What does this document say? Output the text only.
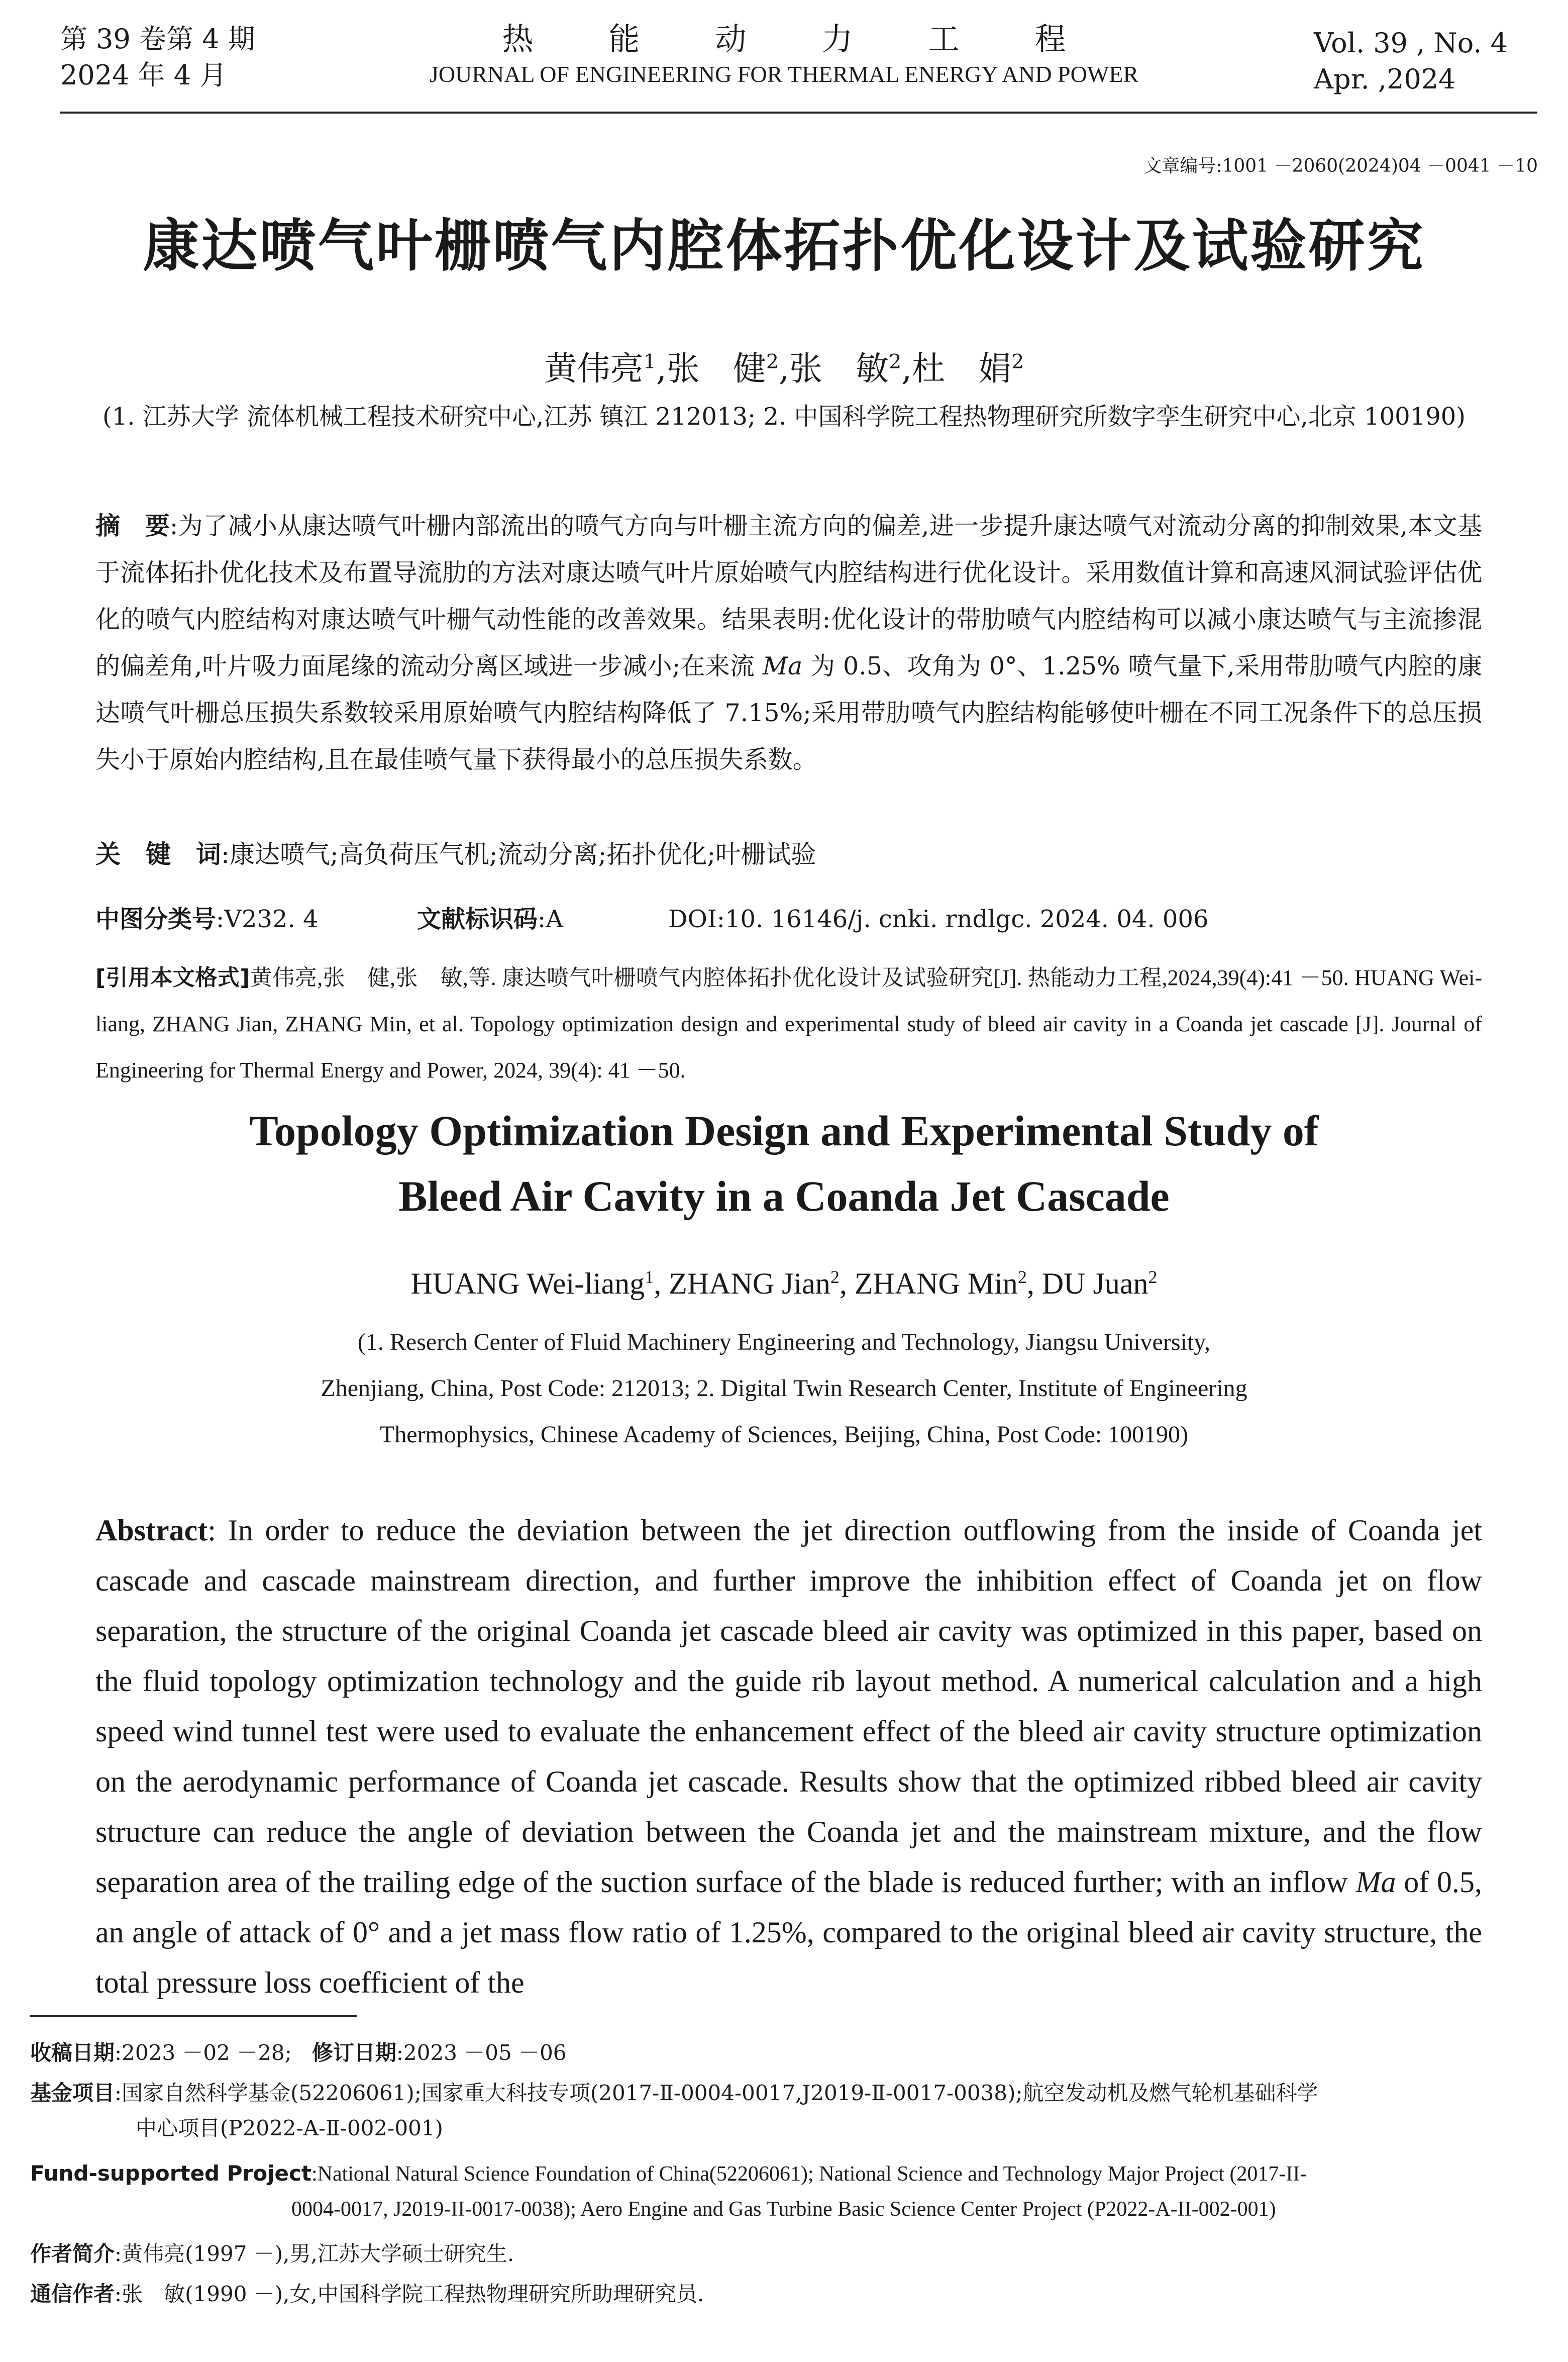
第 39 卷第 4 期
2024 年 4 月
热能动力工程
JOURNAL OF ENGINEERING FOR THERMAL ENERGY AND POWER
Vol. 39 , No. 4
Apr. ,2024
文章编号:1001 －2060(2024)04 －0041 －10
康达喷气叶栅喷气内腔体拓扑优化设计及试验研究
黄伟亮$^1$,张　健$^2$,张　敏$^2$,杜　娟$^2$
(1. 江苏大学 流体机械工程技术研究中心,江苏 镇江 212013; 2. 中国科学院工程热物理研究所数字孪生研究中心,北京 100190)
摘　要:为了减小从康达喷气叶栅内部流出的喷气方向与叶栅主流方向的偏差,进一步提升康达喷气对流动分离的抑制效果,本文基于流体拓扑优化技术及布置导流肋的方法对康达喷气叶片原始喷气内腔结构进行优化设计。采用数值计算和高速风洞试验评估优化的喷气内腔结构对康达喷气叶栅气动性能的改善效果。结果表明:优化设计的带肋喷气内腔结构可以减小康达喷气与主流掺混的偏差角,叶片吸力面尾缘的流动分离区域进一步减小;在来流 Ma 为 0.5、攻角为 0°、1.25% 喷气量下,采用带肋喷气内腔的康达喷气叶栅总压损失系数较采用原始喷气内腔结构降低了 7.15%;采用带肋喷气内腔结构能够使叶栅在不同工况条件下的总压损失小于原始内腔结构,且在最佳喷气量下获得最小的总压损失系数。
关　键　词:康达喷气;高负荷压气机;流动分离;拓扑优化;叶栅试验
中图分类号:V232. 4	文献标识码:A	DOI:10. 16146/j. cnki. rndlgc. 2024. 04. 006
[引用本文格式]黄伟亮,张　健,张　敏,等. 康达喷气叶栅喷气内腔体拓扑优化设计及试验研究[J]. 热能动力工程,2024,39(4):41 －50. HUANG Wei-liang, ZHANG Jian, ZHANG Min, et al. Topology optimization design and experimental study of bleed air cavity in a Coanda jet cascade [J]. Journal of Engineering for Thermal Energy and Power, 2024, 39(4): 41 －50.
Topology Optimization Design and Experimental Study of
Bleed Air Cavity in a Coanda Jet Cascade
HUANG Wei-liang$^1$, ZHANG Jian$^2$, ZHANG Min$^2$, DU Juan$^2$
(1. Reserch Center of Fluid Machinery Engineering and Technology, Jiangsu University,
Zhenjiang, China, Post Code: 212013; 2. Digital Twin Research Center, Institute of Engineering
Thermophysics, Chinese Academy of Sciences, Beijing, China, Post Code: 100190)
Abstract: In order to reduce the deviation between the jet direction outflowing from the inside of Coanda jet cascade and cascade mainstream direction, and further improve the inhibition effect of Coanda jet on flow separation, the structure of the original Coanda jet cascade bleed air cavity was optimized in this paper, based on the fluid topology optimization technology and the guide rib layout method. A numerical calculation and a high speed wind tunnel test were used to evaluate the enhancement effect of the bleed air cavity structure optimization on the aerodynamic performance of Coanda jet cascade. Results show that the optimized ribbed bleed air cavity structure can reduce the angle of deviation between the Coanda jet and the mainstream mixture, and the flow separation area of the trailing edge of the suction surface of the blade is reduced further; with an inflow Ma of 0.5, an angle of attack of 0° and a jet mass flow ratio of 1.25%, compared to the original bleed air cavity structure, the total pressure loss coefficient of the
收稿日期:2023 －02 －28; 修订日期:2023 －05 －06
基金项目:国家自然科学基金(52206061);国家重大科技专项(2017-Ⅱ-0004-0017,J2019-Ⅱ-0017-0038);航空发动机及燃气轮机基础科学
中心项目(P2022-A-Ⅱ-002-001)
Fund-supported Project:National Natural Science Foundation of China(52206061); National Science and Technology Major Project (2017-II-
0004-0017, J2019-II-0017-0038); Aero Engine and Gas Turbine Basic Science Center Project (P2022-A-II-002-001)
作者简介:黄伟亮(1997 －),男,江苏大学硕士研究生.
通信作者:张　敏(1990 －),女,中国科学院工程热物理研究所助理研究员.
